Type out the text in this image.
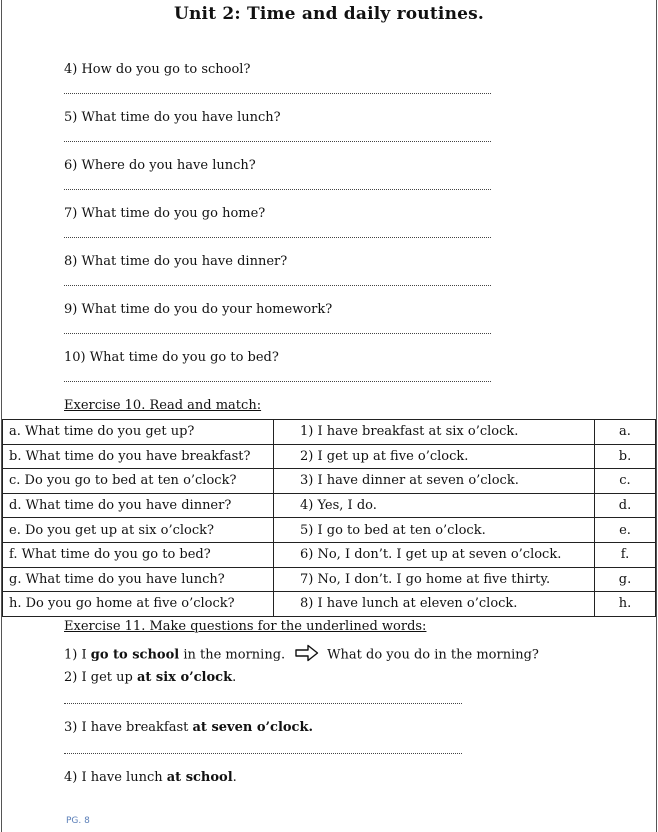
Unit 2: Time and daily routines.
4) How do you go to school?
5) What time do you have lunch?
6) Where do you have lunch?
7) What time do you go home?
8) What time do you have dinner?
9) What time do you do your homework?
10) What time do you go to bed?
Exercise 10. Read and match:
a. What time do you get up?	1) I have breakfast at six o’clock.	a.
b. What time do you have breakfast?	2) I get up at five o’clock.	b.
c. Do you go to bed at ten o’clock?	3) I have dinner at seven o’clock.	c.
d. What time do you have dinner?	4) Yes, I do.	d.
e. Do you get up at six o’clock?	5) I go to bed at ten o’clock.	e.
f. What time do you go to bed?	6) No, I don’t. I get up at seven o’clock.	f.
g. What time do you have lunch?	7) No, I don’t. I go home at five thirty.	g.
h. Do you go home at five o’clock?	8) I have lunch at eleven o’clock.	h.
Exercise 11. Make questions for the underlined words:
1) I go to school in the morning.	What do you do in the morning?
2) I get up at six o’clock.
3) I have breakfast at seven o’clock.
4) I have lunch at school.
PG. 8
